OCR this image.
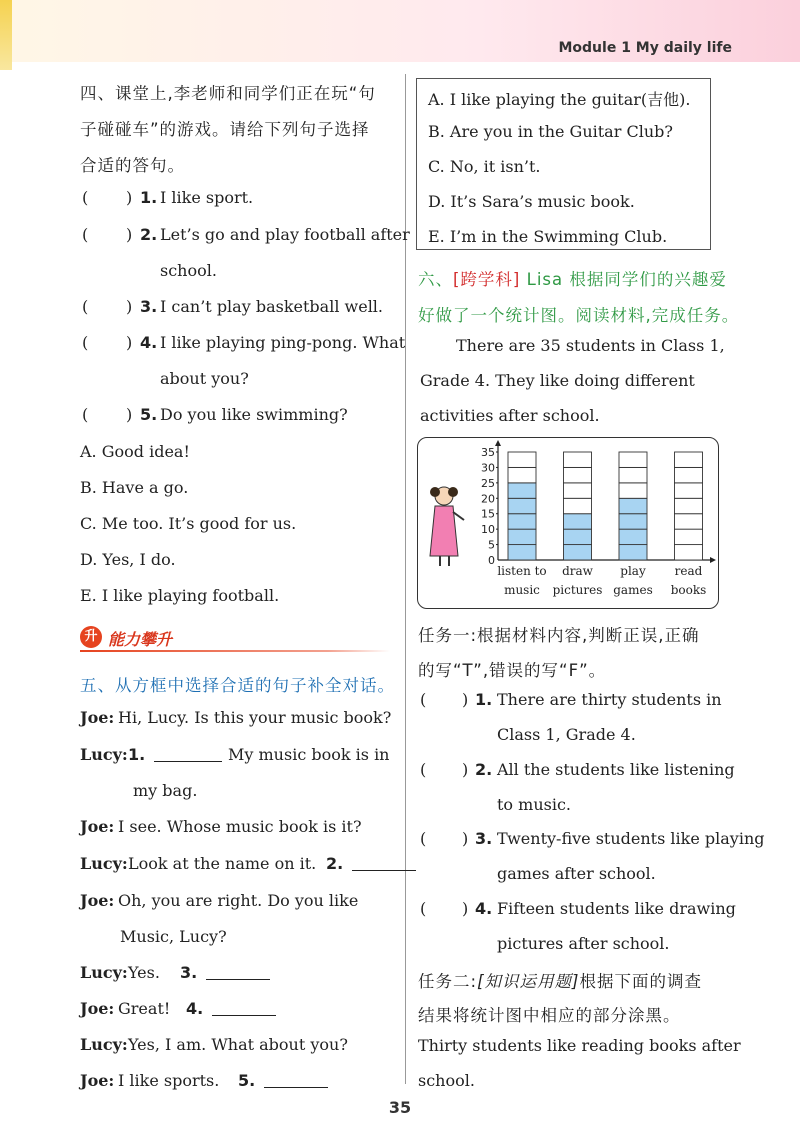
Module 1 My daily life
升 能力攀升
0
5
10
15
20
25
30
35
listen to
music
draw
pictures
play
games
read
books
35
四、课堂上,李老师和同学们正在玩“句
子碰碰车”的游戏。请给下列句子选择
合适的答句。
( ) 1. I like sport.
( ) 2. Let’s go and play football after
school.
( ) 3. I can’t play basketball well.
( ) 4. I like playing ping-pong. What
about you?
( ) 5. Do you like swimming?
A. Good idea!
B. Have a go.
C. Me too. It’s good for us.
D. Yes, I do.
E. I like playing football.
五、从方框中选择合适的句子补全对话。
Joe: Hi, Lucy. Is this your music book?
Lucy: 1.	My music book is in
my bag.
Joe: I see. Whose music book is it?
Lucy: Look at the name on it. 2.
Joe: Oh, you are right. Do you like
Music, Lucy?
Lucy: Yes. 3.
Joe: Great! 4.
Lucy: Yes, I am. What about you?
Joe: I like sports. 5.
A. I like playing the guitar(吉他).
B. Are you in the Guitar Club?
C. No, it isn’t.
D. It’s Sara’s music book.
E. I’m in the Swimming Club.
六、[跨学科] Lisa 根据同学们的兴趣爱
好做了一个统计图。阅读材料,完成任务。
There are 35 students in Class 1,
Grade 4. They like doing different
activities after school.
任务一:根据材料内容,判断正误,正确
的写“T”,错误的写“F”。
( ) 1. There are thirty students in
Class 1, Grade 4.
( ) 2. All the students like listening
to music.
( ) 3. Twenty-five students like playing
games after school.
( ) 4. Fifteen students like drawing
pictures after school.
任务二:[知识运用题]根据下面的调查
结果将统计图中相应的部分涂黑。
Thirty students like reading books after
school.
